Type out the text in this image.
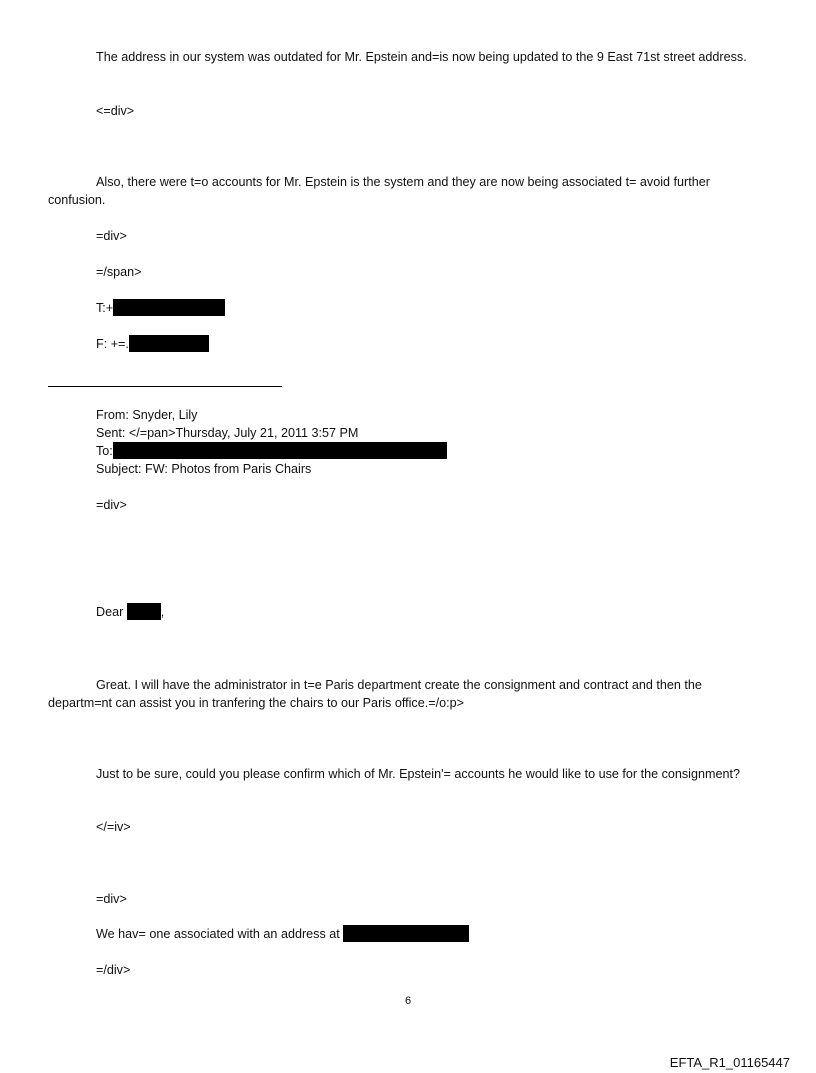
The address in our system was outdated for Mr. Epstein and=is now being updated to the 9 East 71st street address.
<=div>
Also, there were t=o accounts for Mr. Epstein is the system and they are now being associated t= avoid further confusion.
=div>
=/span>
T:+
F: +=.
From: Snyder, Lily
Sent: </=pan>Thursday, July 21, 2011 3:57 PM
To:
Subject: FW: Photos from Paris Chairs
=div>
Dear	,
Great. I will have the administrator in t=e Paris department create the consignment and contract and then the departm=nt can assist you in tranfering the chairs to our Paris office.=/o:p>
Just to be sure, could you please confirm which of Mr. Epstein'= accounts he would like to use for the consignment?
</=iv>
=div>
We hav= one associated with an address at
=/div>
6
EFTA_R1_01165447
